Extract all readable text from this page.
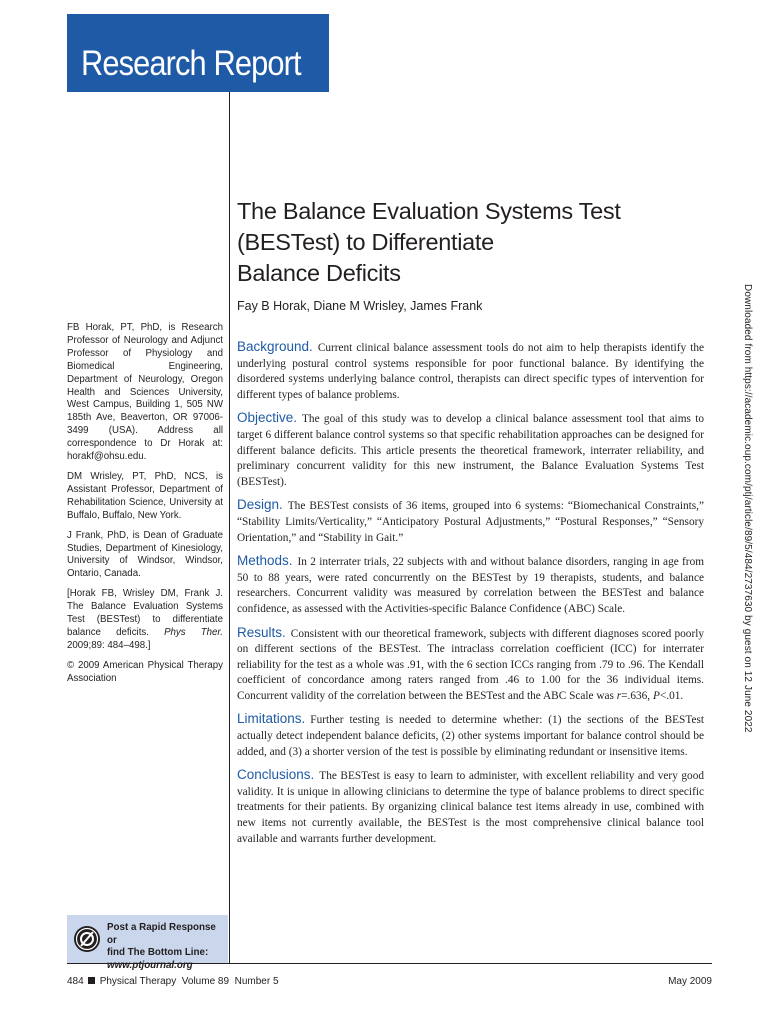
Research Report
The Balance Evaluation Systems Test
(BESTest) to Differentiate
Balance Deficits
Fay B Horak, Diane M Wrisley, James Frank

FB Horak, PT, PhD, is Research Professor of Neurology and Adjunct Professor of Physiology and Biomedical Engineering, Department of Neurology, Oregon Health and Sciences University, West Campus, Building 1, 505 NW 185th Ave, Beaverton, OR 97006-3499 (USA). Address all correspondence to Dr Horak at: horakf@ohsu.edu.

DM Wrisley, PT, PhD, NCS, is Assistant Professor, Department of Rehabilitation Science, University at Buffalo, Buffalo, New York.

J Frank, PhD, is Dean of Graduate Studies, Department of Kinesiology, University of Windsor, Windsor, Ontario, Canada.

[Horak FB, Wrisley DM, Frank J. The Balance Evaluation Systems Test (BESTest) to differentiate balance deficits. Phys Ther. 2009;89: 484–498.]

© 2009 American Physical Therapy Association

Background. Current clinical balance assessment tools do not aim to help therapists identify the underlying postural control systems responsible for poor functional balance. By identifying the disordered systems underlying balance control, therapists can direct specific types of intervention for different types of balance problems.

Objective. The goal of this study was to develop a clinical balance assessment tool that aims to target 6 different balance control systems so that specific rehabilitation approaches can be designed for different balance deficits. This article presents the theoretical framework, interrater reliability, and preliminary concurrent validity for this new instrument, the Balance Evaluation Systems Test (BESTest).

Design. The BESTest consists of 36 items, grouped into 6 systems: “Biomechanical Constraints,” “Stability Limits/Verticality,” “Anticipatory Postural Adjustments,” “Postural Responses,” “Sensory Orientation,” and “Stability in Gait.”

Methods. In 2 interrater trials, 22 subjects with and without balance disorders, ranging in age from 50 to 88 years, were rated concurrently on the BESTest by 19 therapists, students, and balance researchers. Concurrent validity was measured by correlation between the BESTest and balance confidence, as assessed with the Activities-specific Balance Confidence (ABC) Scale.

Results. Consistent with our theoretical framework, subjects with different diagnoses scored poorly on different sections of the BESTest. The intraclass correlation coefficient (ICC) for interrater reliability for the test as a whole was .91, with the 6 section ICCs ranging from .79 to .96. The Kendall coefficient of concordance among raters ranged from .46 to 1.00 for the 36 individual items. Concurrent validity of the correlation between the BESTest and the ABC Scale was r=.636, P<.01.

Limitations. Further testing is needed to determine whether: (1) the sections of the BESTest actually detect independent balance deficits, (2) other systems important for balance control should be added, and (3) a shorter version of the test is possible by eliminating redundant or insensitive items.

Conclusions. The BESTest is easy to learn to administer, with excellent reliability and very good validity. It is unique in allowing clinicians to determine the type of balance problems to direct specific treatments for their patients. By organizing clinical balance test items already in use, combined with new items not currently available, the BESTest is the most comprehensive clinical balance tool available and warrants further development.

Post a Rapid Response or
find The Bottom Line:
www.ptjournal.org
484 Physical Therapy Volume 89 Number 5	May 2009
Downloaded from https://academic.oup.com/ptj/article/89/5/484/2737630 by guest on 12 June 2022
